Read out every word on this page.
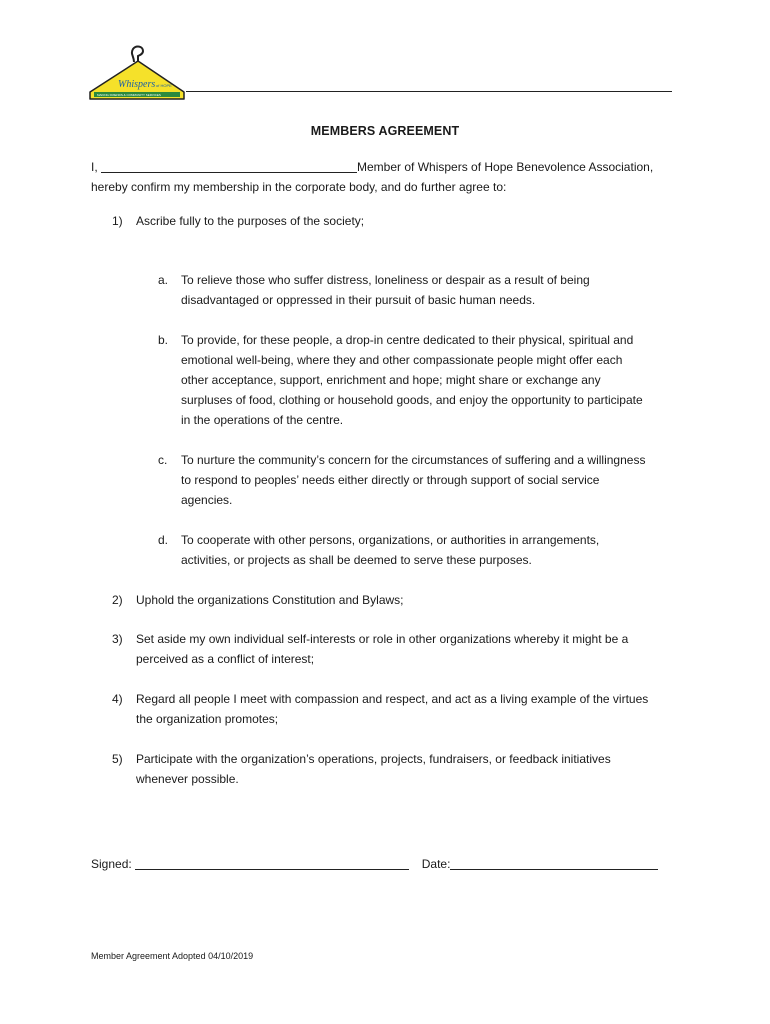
Whispers of HOPE
MAKING FRIENDS & COMMUNITY SERVICES
MEMBERS AGREEMENT
I,	Member of Whispers of Hope Benevolence Association,
hereby confirm my membership in the corporate body, and do further agree to:
1) Ascribe fully to the purposes of the society;
a. To relieve those who suffer distress, loneliness or despair as a result of being
disadvantaged or oppressed in their pursuit of basic human needs.
b. To provide, for these people, a drop-in centre dedicated to their physical, spiritual and
emotional well-being, where they and other compassionate people might offer each
other acceptance, support, enrichment and hope; might share or exchange any
surpluses of food, clothing or household goods, and enjoy the opportunity to participate
in the operations of the centre.
c. To nurture the community’s concern for the circumstances of suffering and a willingness
to respond to peoples’ needs either directly or through support of social service
agencies.
d. To cooperate with other persons, organizations, or authorities in arrangements,
activities, or projects as shall be deemed to serve these purposes.
2) Uphold the organizations Constitution and Bylaws;
3) Set aside my own individual self-interests or role in other organizations whereby it might be a
perceived as a conflict of interest;
4) Regard all people I meet with compassion and respect, and act as a living example of the virtues
the organization promotes;
5) Participate with the organization’s operations, projects, fundraisers, or feedback initiatives
whenever possible.
Signed:	Date:
Member Agreement Adopted 04/10/2019
